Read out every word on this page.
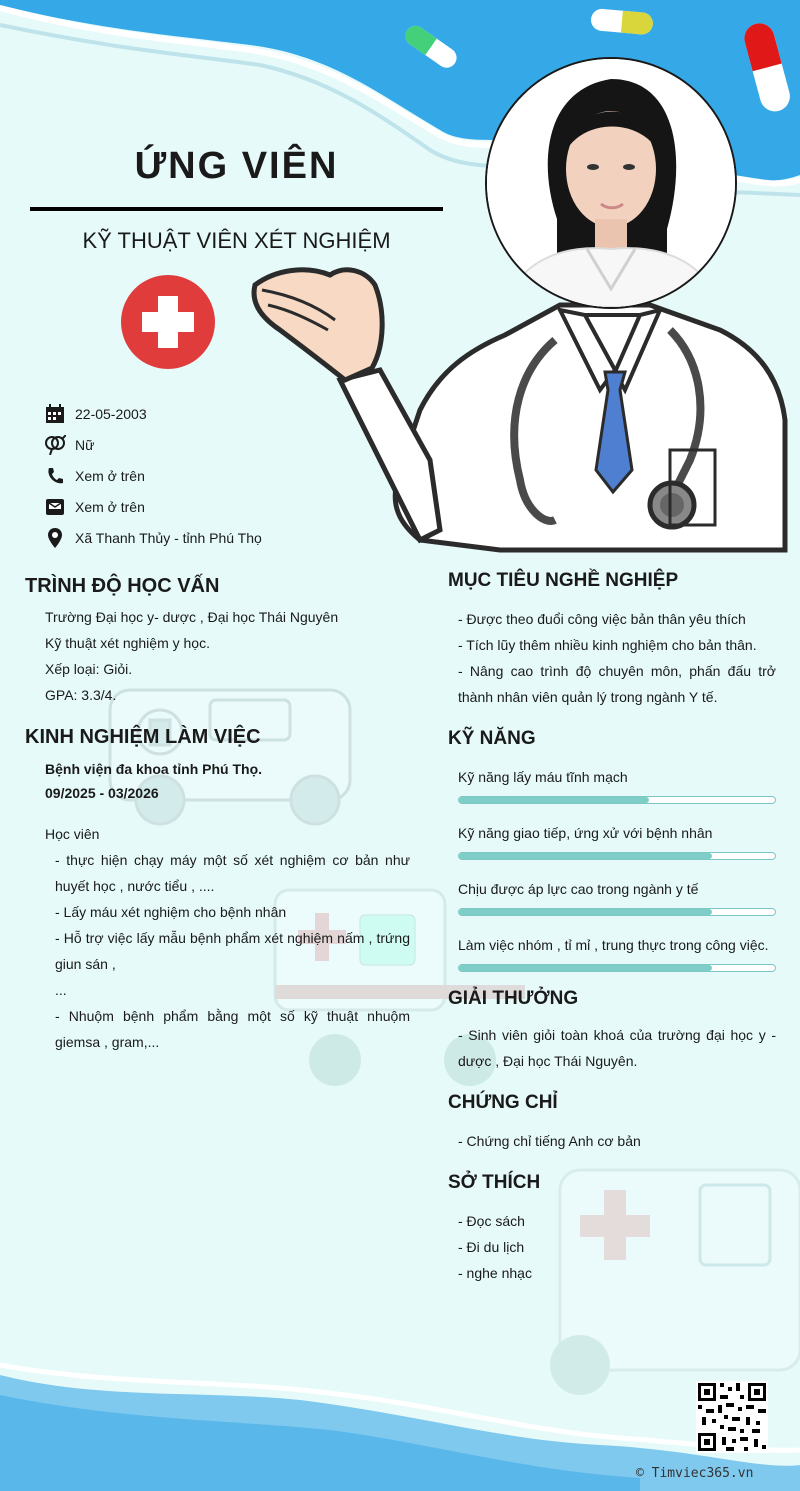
ỨNG VIÊN
KỸ THUẬT VIÊN XÉT NGHIỆM
22-05-2003
Nữ
Xem ở trên
Xem ở trên
Xã Thanh Thủy - tỉnh Phú Thọ
TRÌNH ĐỘ HỌC VẤN
Trường Đại học y- dược , Đại học Thái Nguyên
Kỹ thuật xét nghiệm y học.
Xếp loại: Giỏi.
GPA: 3.3/4.
KINH NGHIỆM LÀM VIỆC
Bệnh viện đa khoa tỉnh Phú Thọ.
09/2025 - 03/2026
Học viên
- thực hiện chạy máy một số xét nghiệm cơ bản như huyết học , nước tiểu , ....
- Lấy máu xét nghiệm cho bệnh nhân
- Hỗ trợ việc lấy mẫu bệnh phẩm xét nghiệm nấm , trứng giun sán ,
...
- Nhuộm bệnh phẩm bằng một số kỹ thuật nhuộm giemsa , gram,...
MỤC TIÊU NGHỀ NGHIỆP
- Được theo đuổi công việc bản thân yêu thích
- Tích lũy thêm nhiều kinh nghiệm cho bản thân.
- Nâng cao trình độ chuyên môn, phấn đấu trở thành nhân viên quản lý trong ngành Y tế.
KỸ NĂNG
Kỹ năng lấy máu tĩnh mạch
Kỹ năng giao tiếp, ứng xử với bệnh nhân
Chịu được áp lực cao trong ngành y tế
Làm việc nhóm , tỉ mỉ , trung thực trong công việc.
GIẢI THƯỞNG
- Sinh viên giỏi toàn khoá của trường đại học y - dược , Đại học Thái Nguyên.
CHỨNG CHỈ
- Chứng chỉ tiếng Anh cơ bản
SỞ THÍCH
- Đọc sách
- Đi du lịch
- nghe nhạc
© Timviec365.vn
